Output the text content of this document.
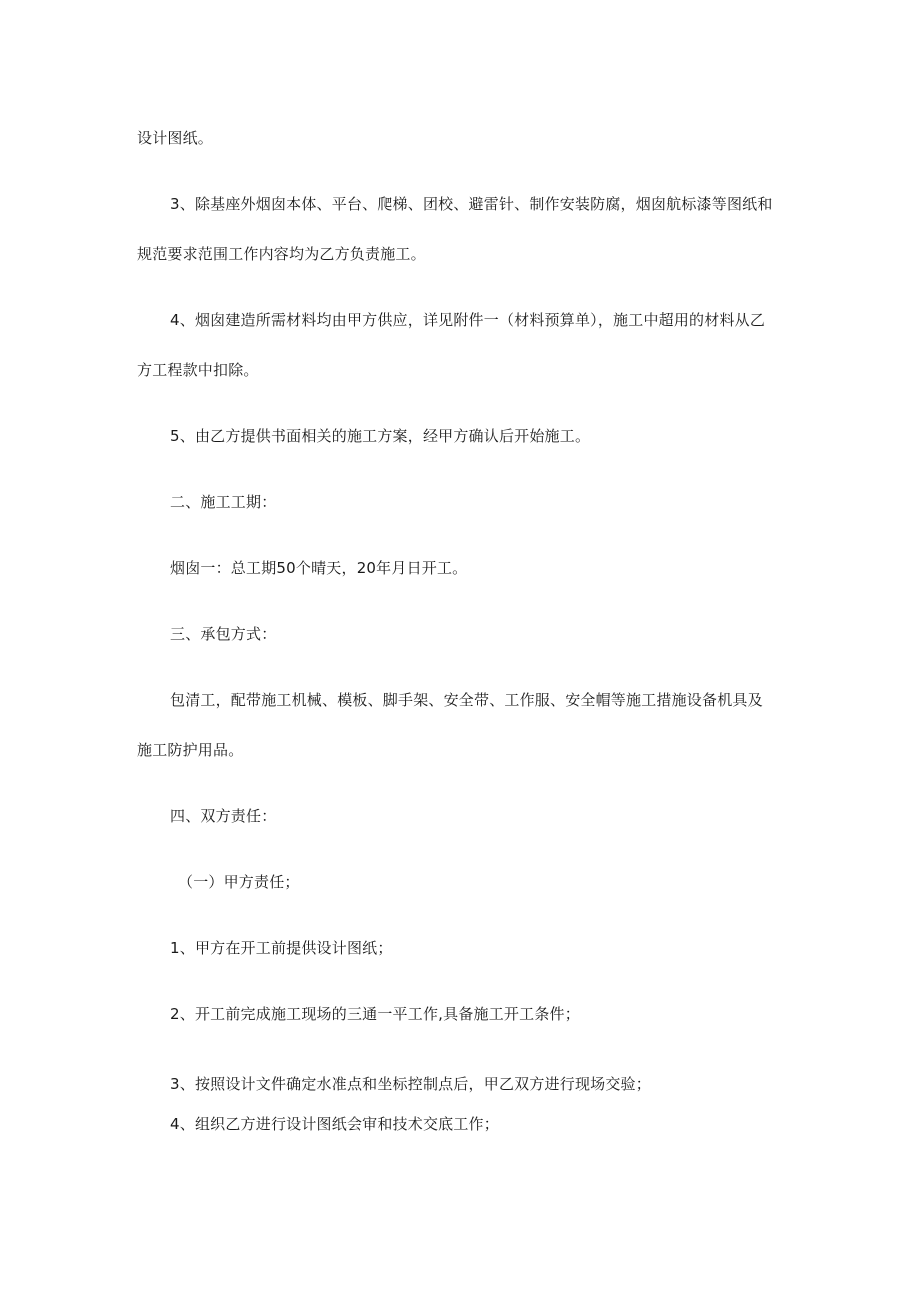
设计图纸。
3、除基座外烟囱本体、平台、爬梯、团校、避雷针、制作安装防腐，烟囱航标漆等图纸和
规范要求范围工作内容均为乙方负责施工。
4、烟囱建造所需材料均由甲方供应，详见附件一（材料预算单），施工中超用的材料从乙
方工程款中扣除。
5、由乙方提供书面相关的施工方案，经甲方确认后开始施工。
二、施工工期：
烟囱一：总工期50个晴天，20年月日开工。
三、承包方式：
包清工，配带施工机械、模板、脚手架、安全带、工作服、安全帽等施工措施设备机具及
施工防护用品。
四、双方责任：
（一）甲方责任；
1、甲方在开工前提供设计图纸；
2、开工前完成施工现场的三通一平工作,具备施工开工条件；
3、按照设计文件确定水准点和坐标控制点后，甲乙双方进行现场交验；
4、组织乙方进行设计图纸会审和技术交底工作；
